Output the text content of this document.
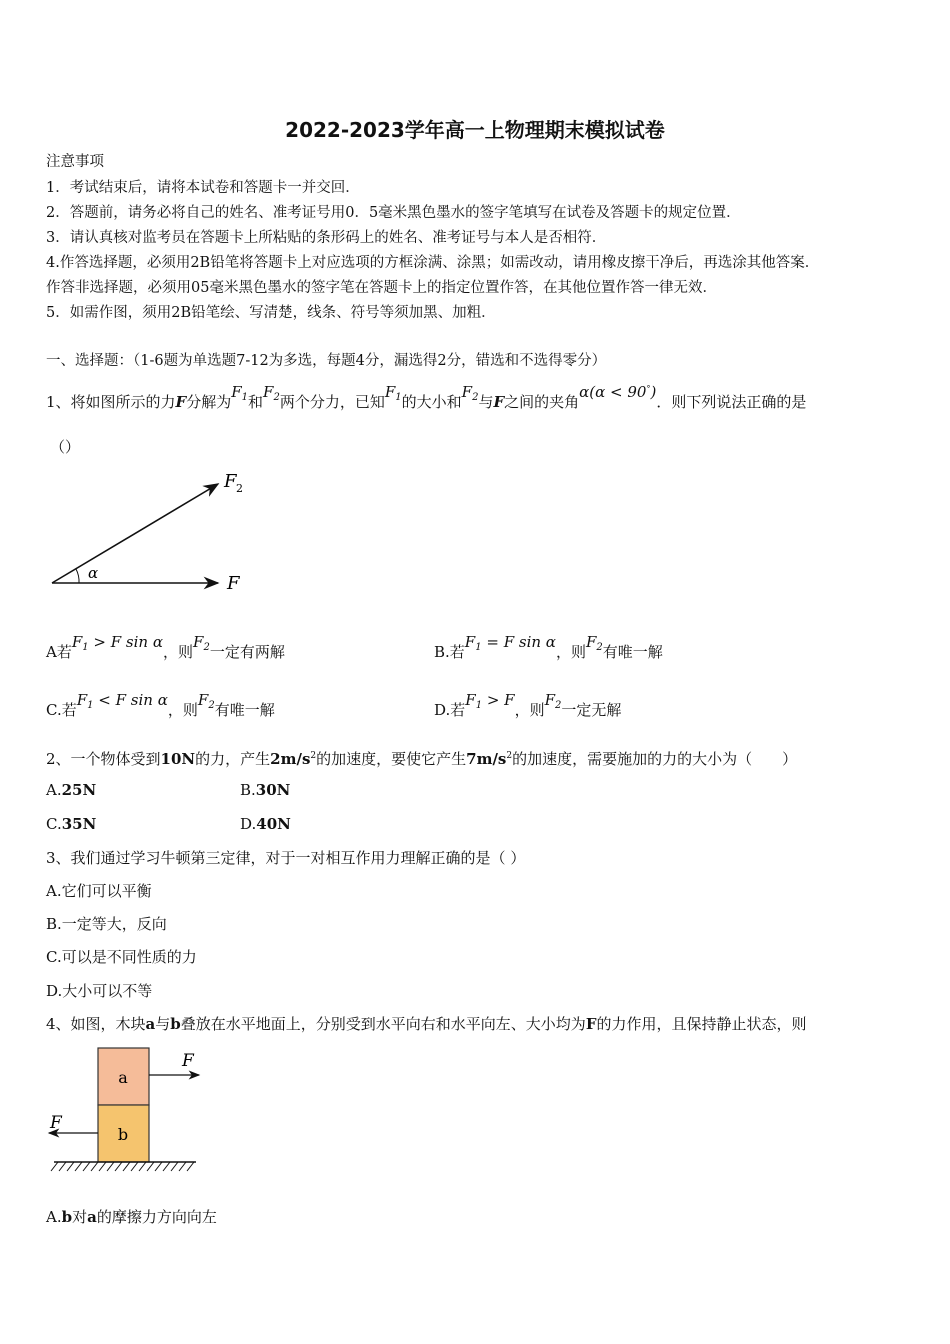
2022-2023学年高一上物理期末模拟试卷
注意事项
1．考试结束后，请将本试卷和答题卡一并交回．
2．答题前，请务必将自己的姓名、准考证号用0．5毫米黑色墨水的签字笔填写在试卷及答题卡的规定位置．
3．请认真核对监考员在答题卡上所粘贴的条形码上的姓名、准考证号与本人是否相符．
4.作答选择题，必须用2B铅笔将答题卡上对应选项的方框涂满、涂黑；如需改动，请用橡皮擦干净后，再选涂其他答案．
作答非选择题，必须用05毫米黑色墨水的签字笔在答题卡上的指定位置作答，在其他位置作答一律无效．
5．如需作图，须用2B铅笔绘、写清楚，线条、符号等须加黑、加粗．
一、选择题：（1-6题为单选题7-12为多选，每题4分，漏选得2分，错选和不选得零分）
1、将如图所示的力F分解为$F_1$和$F_2$两个分力，已知$F_1$的大小和$F_2$与F之间的夹角α(α < 90°)．则下列说法正确的是
（）
α	F
F 2
A若$F_1 > F$ sin α，则$F_2$一定有两解	B.若$F_1 = F$ sin α，则$F_2$有唯一解
C.若$F_1 < F$ sin α，则$F_2$有唯一解	D.若$F_1 > F$，则$F_2$一定无解
2、一个物体受到10N的力，产生$2m/s^2$的加速度，要使它产生$7m/s^2$的加速度，需要施加的力的大小为（　　）
A.25N	B.30N
C.35N	D.40N
3、我们通过学习牛顿第三定律，对于一对相互作用力理解正确的是（ ）
A.它们可以平衡
B.一定等大，反向
C.可以是不同性质的力
D.大小可以不等
4、如图，木块a与b叠放在水平地面上，分别受到水平向右和水平向左、大小均为F的力作用，且保持静止状态，则
a
b
F
F
A.b对a的摩擦力方向向左
